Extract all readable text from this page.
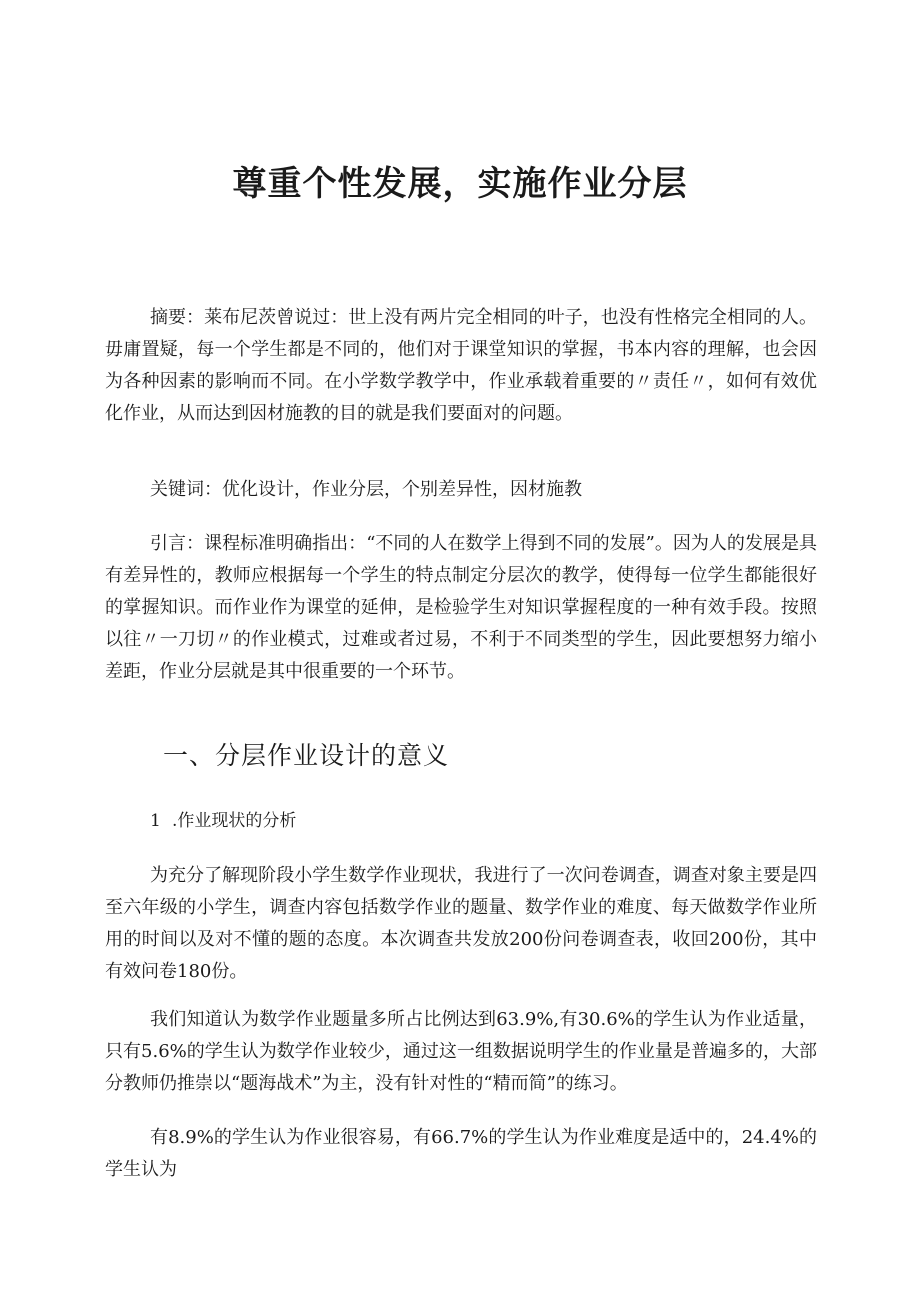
尊重个性发展，实施作业分层

摘要：莱布尼茨曾说过：世上没有两片完全相同的叶子，也没有性格完全相同的人。毋庸置疑，每一个学生都是不同的，他们对于课堂知识的掌握，书本内容的理解，也会因为各种因素的影响而不同。在小学数学教学中，作业承载着重要的〃责任〃，如何有效优化作业，从而达到因材施教的目的就是我们要面对的问题。

关键词：优化设计，作业分层，个别差异性，因材施教

引言：课程标准明确指出：“不同的人在数学上得到不同的发展”。因为人的发展是具有差异性的，教师应根据每一个学生的特点制定分层次的教学，使得每一位学生都能很好的掌握知识。而作业作为课堂的延伸，是检验学生对知识掌握程度的一种有效手段。按照以往〃一刀切〃的作业模式，过难或者过易，不利于不同类型的学生，因此要想努力缩小差距，作业分层就是其中很重要的一个环节。

一、分层作业设计的意义
1 .作业现状的分析

为充分了解现阶段小学生数学作业现状，我进行了一次问卷调查，调查对象主要是四至六年级的小学生，调查内容包括数学作业的题量、数学作业的难度、每天做数学作业所用的时间以及对不懂的题的态度。本次调查共发放200份问卷调查表，收回200份，其中有效问卷180份。

我们知道认为数学作业题量多所占比例达到63.9%,有30.6%的学生认为作业适量，只有5.6%的学生认为数学作业较少，通过这一组数据说明学生的作业量是普遍多的，大部分教师仍推崇以“题海战术”为主，没有针对性的“精而简”的练习。

有8.9%的学生认为作业很容易，有66.7%的学生认为作业难度是适中的，24.4%的学生认为
